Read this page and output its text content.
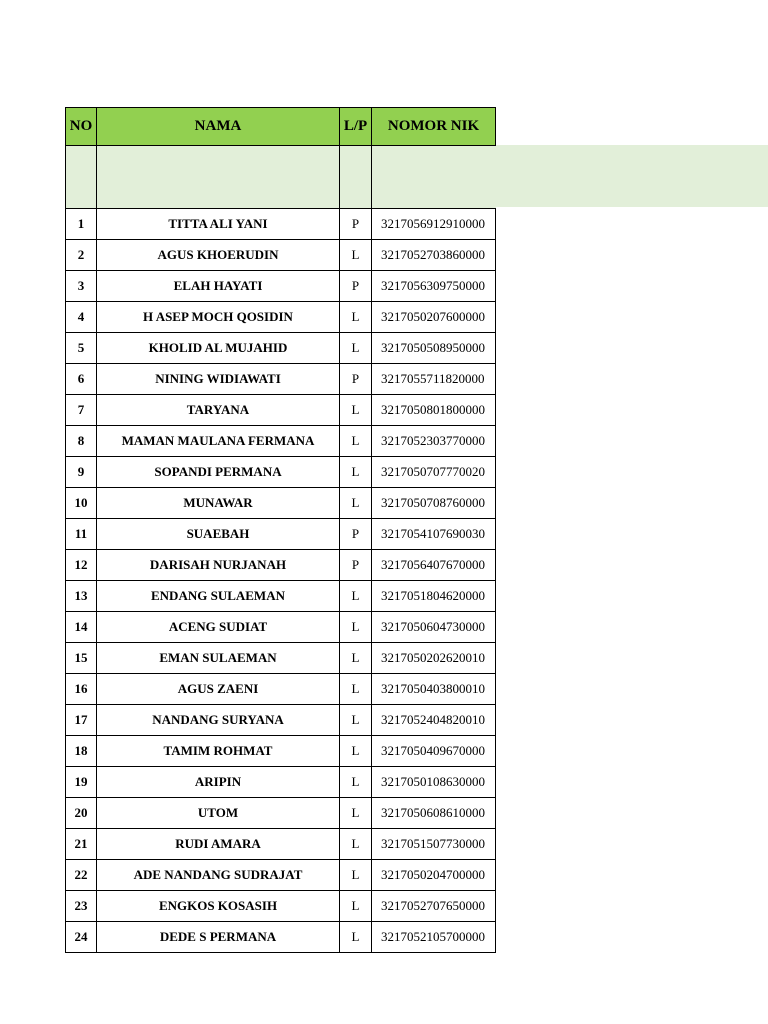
NO	NAMA	L/P	NOMOR NIK

1	TITTA ALI YANI	P	3217056912910000
2	AGUS KHOERUDIN	L	3217052703860000
3	ELAH HAYATI	P	3217056309750000
4	H ASEP MOCH QOSIDIN	L	3217050207600000
5	KHOLID AL MUJAHID	L	3217050508950000
6	NINING WIDIAWATI	P	3217055711820000
7	TARYANA	L	3217050801800000
8	MAMAN MAULANA FERMANA	L	3217052303770000
9	SOPANDI PERMANA	L	3217050707770020
10	MUNAWAR	L	3217050708760000
11	SUAEBAH	P	3217054107690030
12	DARISAH NURJANAH	P	3217056407670000
13	ENDANG SULAEMAN	L	3217051804620000
14	ACENG SUDIAT	L	3217050604730000
15	EMAN SULAEMAN	L	3217050202620010
16	AGUS ZAENI	L	3217050403800010
17	NANDANG SURYANA	L	3217052404820010
18	TAMIM ROHMAT	L	3217050409670000
19	ARIPIN	L	3217050108630000
20	UTOM	L	3217050608610000
21	RUDI AMARA	L	3217051507730000
22	ADE NANDANG SUDRAJAT	L	3217050204700000
23	ENGKOS KOSASIH	L	3217052707650000
24	DEDE S PERMANA	L	3217052105700000
